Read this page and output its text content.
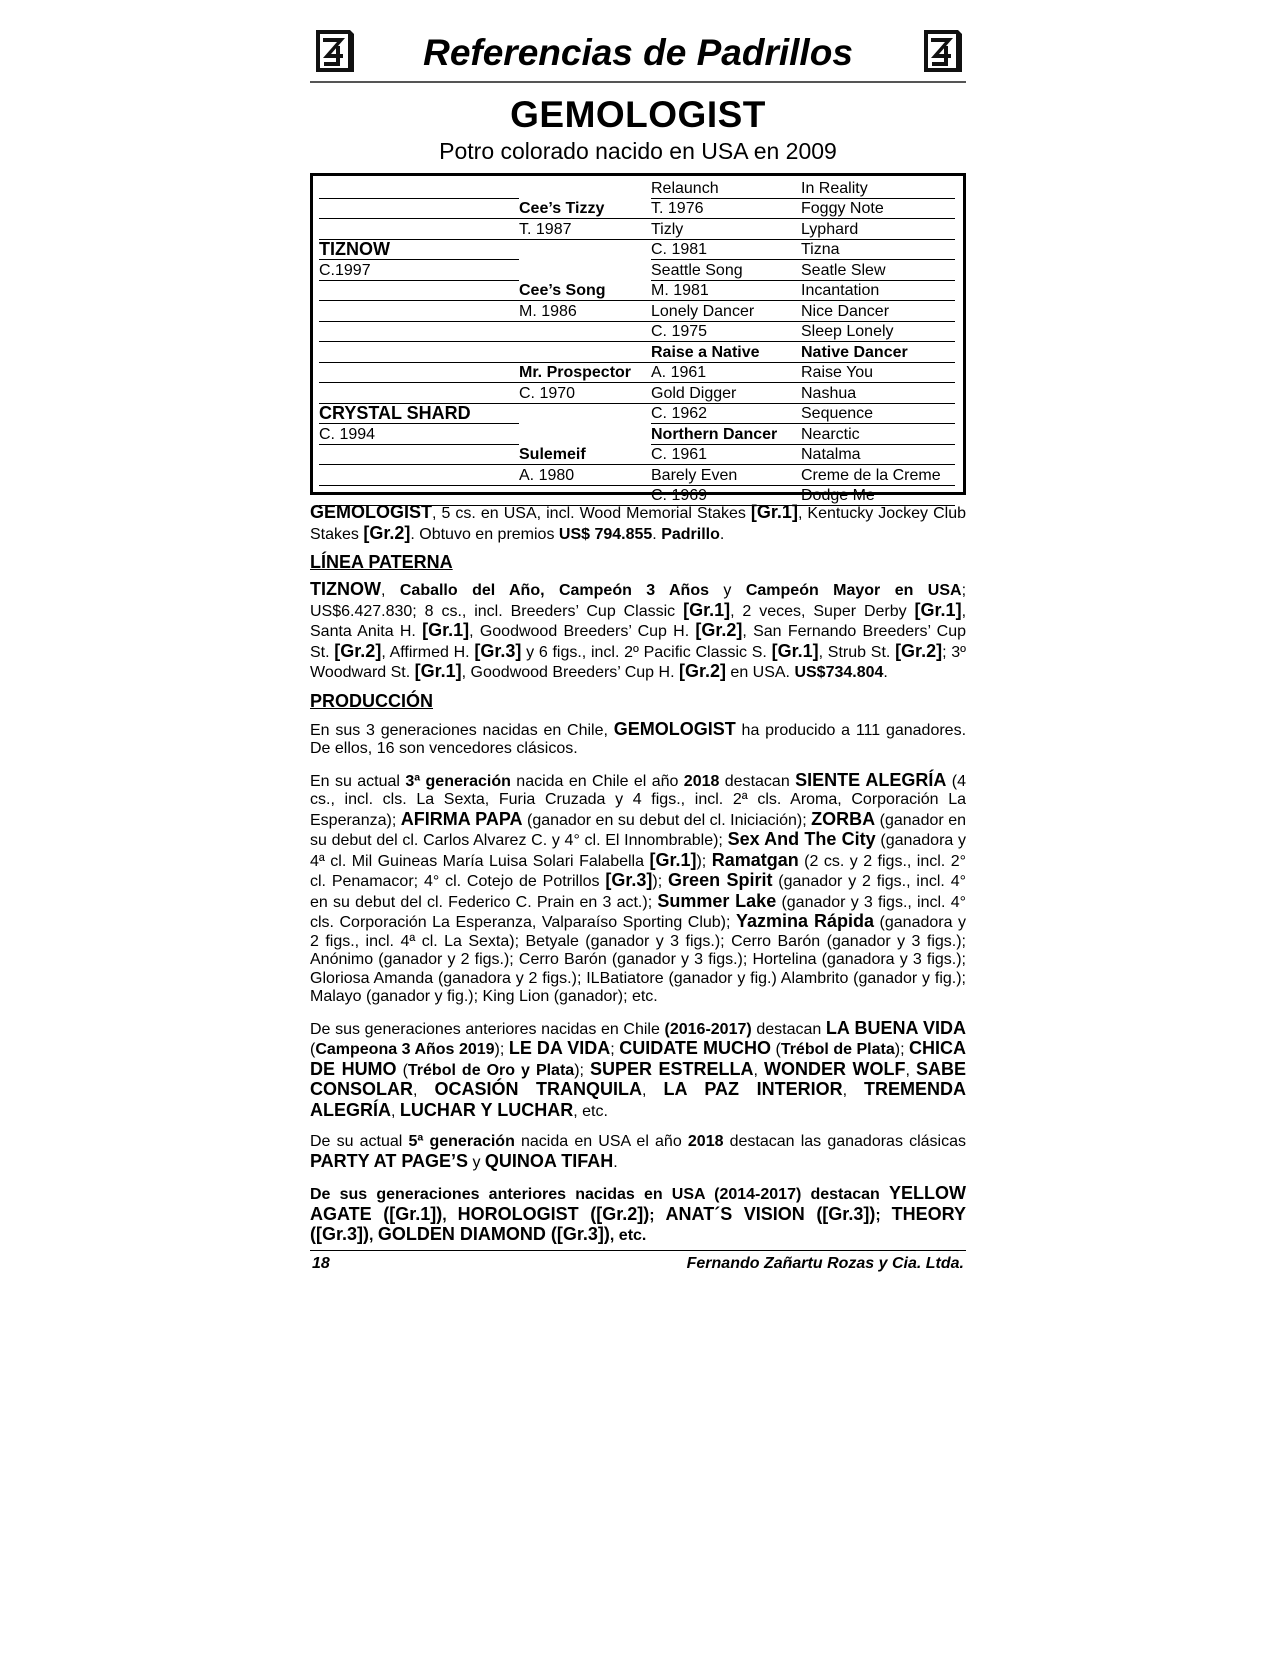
Referencias de Padrillos
GEMOLOGIST
Potro colorado nacido en USA en 2009
		Relaunch	In Reality
	Cee’s Tizzy	T. 1976	Foggy Note
	T. 1987	Tizly	Lyphard
TIZNOW		C. 1981	Tizna
C.1997		Seattle Song	Seatle Slew
	Cee’s Song	M. 1981	Incantation
	M. 1986	Lonely Dancer	Nice Dancer
		C. 1975	Sleep Lonely
		Raise a Native	Native Dancer
	Mr. Prospector	A. 1961	Raise You
	C. 1970	Gold Digger	Nashua
CRYSTAL SHARD		C. 1962	Sequence
C. 1994		Northern Dancer	Nearctic
	Sulemeif	C. 1961	Natalma
	A. 1980	Barely Even	Creme de la Creme
		C. 1969	Dodge Me

GEMOLOGIST, 5 cs. en USA, incl. Wood Memorial Stakes [Gr.1], Kentucky Jockey Club Stakes [Gr.2]. Obtuvo en premios US$ 794.855. Padrillo.

LÍNEA PATERNA

TIZNOW, Caballo del Año, Campeón 3 Años y Campeón Mayor en USA; US$6.427.830; 8 cs., incl. Breeders’ Cup Classic [Gr.1], 2 veces, Super Derby [Gr.1], Santa Anita H. [Gr.1], Goodwood Breeders’ Cup H. [Gr.2], San Fernando Breeders’ Cup St. [Gr.2], Affirmed H. [Gr.3] y 6 figs., incl. 2º Pacific Classic S. [Gr.1], Strub St. [Gr.2]; 3º Woodward St. [Gr.1], Goodwood Breeders’ Cup H. [Gr.2] en USA. US$734.804.

PRODUCCIÓN

En sus 3 generaciones nacidas en Chile, GEMOLOGIST ha producido a 111 ganadores. De ellos, 16 son vencedores clásicos.

En su actual 3ª generación nacida en Chile el año 2018 destacan SIENTE ALEGRÍA (4 cs., incl. cls. La Sexta, Furia Cruzada y 4 figs., incl. 2ª cls. Aroma, Corporación La Esperanza); AFIRMA PAPA (ganador en su debut del cl. Iniciación); ZORBA (ganador en su debut del cl. Carlos Alvarez C. y 4° cl. El Innombrable); Sex And The City (ganadora y 4ª cl. Mil Guineas María Luisa Solari Falabella [Gr.1]); Ramatgan (2 cs. y 2 figs., incl. 2° cl. Penamacor; 4° cl. Cotejo de Potrillos [Gr.3]); Green Spirit (ganador y 2 figs., incl. 4° en su debut del cl. Federico C. Prain en 3 act.); Summer Lake (ganador y 3 figs., incl. 4° cls. Corporación La Esperanza, Valparaíso Sporting Club); Yazmina Rápida (ganadora y 2 figs., incl. 4ª cl. La Sexta); Betyale (ganador y 3 figs.); Cerro Barón (ganador y 3 figs.); Anónimo (ganador y 2 figs.); Cerro Barón (ganador y 3 figs.); Hortelina (ganadora y 3 figs.); Gloriosa Amanda (ganadora y 2 figs.); ILBatiatore (ganador y fig.) Alambrito (ganador y fig.); Malayo (ganador y fig.); King Lion (ganador); etc.

De sus generaciones anteriores nacidas en Chile (2016-2017) destacan LA BUENA VIDA (Campeona 3 Años 2019); LE DA VIDA; CUIDATE MUCHO (Trébol de Plata); CHICA DE HUMO (Trébol de Oro y Plata); SUPER ESTRELLA, WONDER WOLF, SABE CONSOLAR, OCASIÓN TRANQUILA, LA PAZ INTERIOR, TREMENDA ALEGRÍA, LUCHAR Y LUCHAR, etc.

De su actual 5ª generación nacida en USA el año 2018 destacan las ganadoras clásicas PARTY AT PAGE’S y QUINOA TIFAH.

De sus generaciones anteriores nacidas en USA (2014-2017) destacan YELLOW AGATE ([Gr.1]), HOROLOGIST ([Gr.2]); ANAT´S VISION ([Gr.3]); THEORY ([Gr.3]), GOLDEN DIAMOND ([Gr.3]), etc.

18	Fernando Zañartu Rozas y Cia. Ltda.
